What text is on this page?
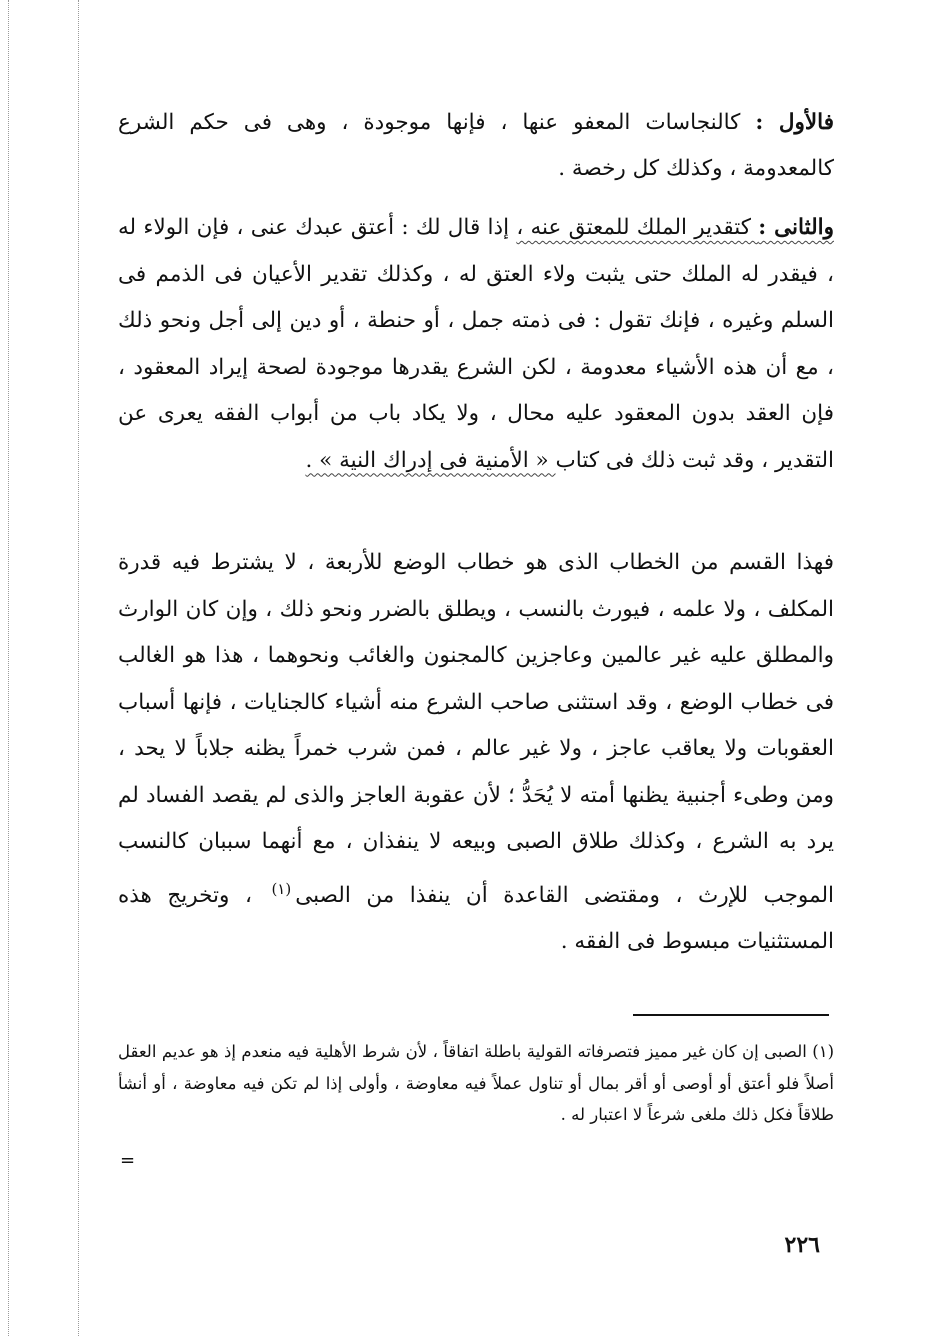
فالأول : كالنجاسات المعفو عنها ، فإنها موجودة ، وهى فى حكم الشرع كالمعدومة ، وكذلك كل رخصة .

والثانى : كتقدير الملك للمعتق عنه ، إذا قال لك : أعتق عبدك عنى ، فإن الولاء له ، فيقدر له الملك حتى يثبت ولاء العتق له ، وكذلك تقدير الأعيان فى الذمم فى السلم وغيره ، فإنك تقول : فى ذمته جمل ، أو حنطة ، أو دين إلى أجل ونحو ذلك ، مع أن هذه الأشياء معدومة ، لكن الشرع يقدرها موجودة لصحة إيراد المعقود ، فإن العقد بدون المعقود عليه محال ، ولا يكاد باب من أبواب الفقه يعرى عن التقدير ، وقد ثبت ذلك فى كتاب « الأمنية فى إدراك النية » .

فهذا القسم من الخطاب الذى هو خطاب الوضع للأربعة ، لا يشترط فيه قدرة المكلف ، ولا علمه ، فيورث بالنسب ، ويطلق بالضرر ونحو ذلك ، وإن كان الوارث والمطلق عليه غير عالمين وعاجزين كالمجنون والغائب ونحوهما ، هذا هو الغالب فى خطاب الوضع ، وقد استثنى صاحب الشرع منه أشياء كالجنايات ، فإنها أسباب العقوبات ولا يعاقب عاجز ، ولا غير عالم ، فمن شرب خمراً يظنه جلاباً لا يحد ، ومن وطىء أجنبية يظنها أمته لا يُحَدُّ ؛ لأن عقوبة العاجز والذى لم يقصد الفساد لم يرد به الشرع ، وكذلك طلاق الصبى وبيعه لا ينفذان ، مع أنهما سببان كالنسب الموجب للإرث ، ومقتضى القاعدة أن ينفذا من الصبى$^{(١)}$ ، وتخريج هذه المستثنيات مبسوط فى الفقه .

(١) الصبى إن كان غير مميز فتصرفاته القولية باطلة اتفاقاً ، لأن شرط الأهلية فيه منعدم إذ هو عديم العقل أصلاً فلو أعتق أو أوصى أو أقر بمال أو تناول عملاً فيه معاوضة ، وأولى إذا لم تكن فيه معاوضة ، أو أنشأ طلاقاً فكل ذلك ملغى شرعاً لا اعتبار له .

=
٢٢٦
